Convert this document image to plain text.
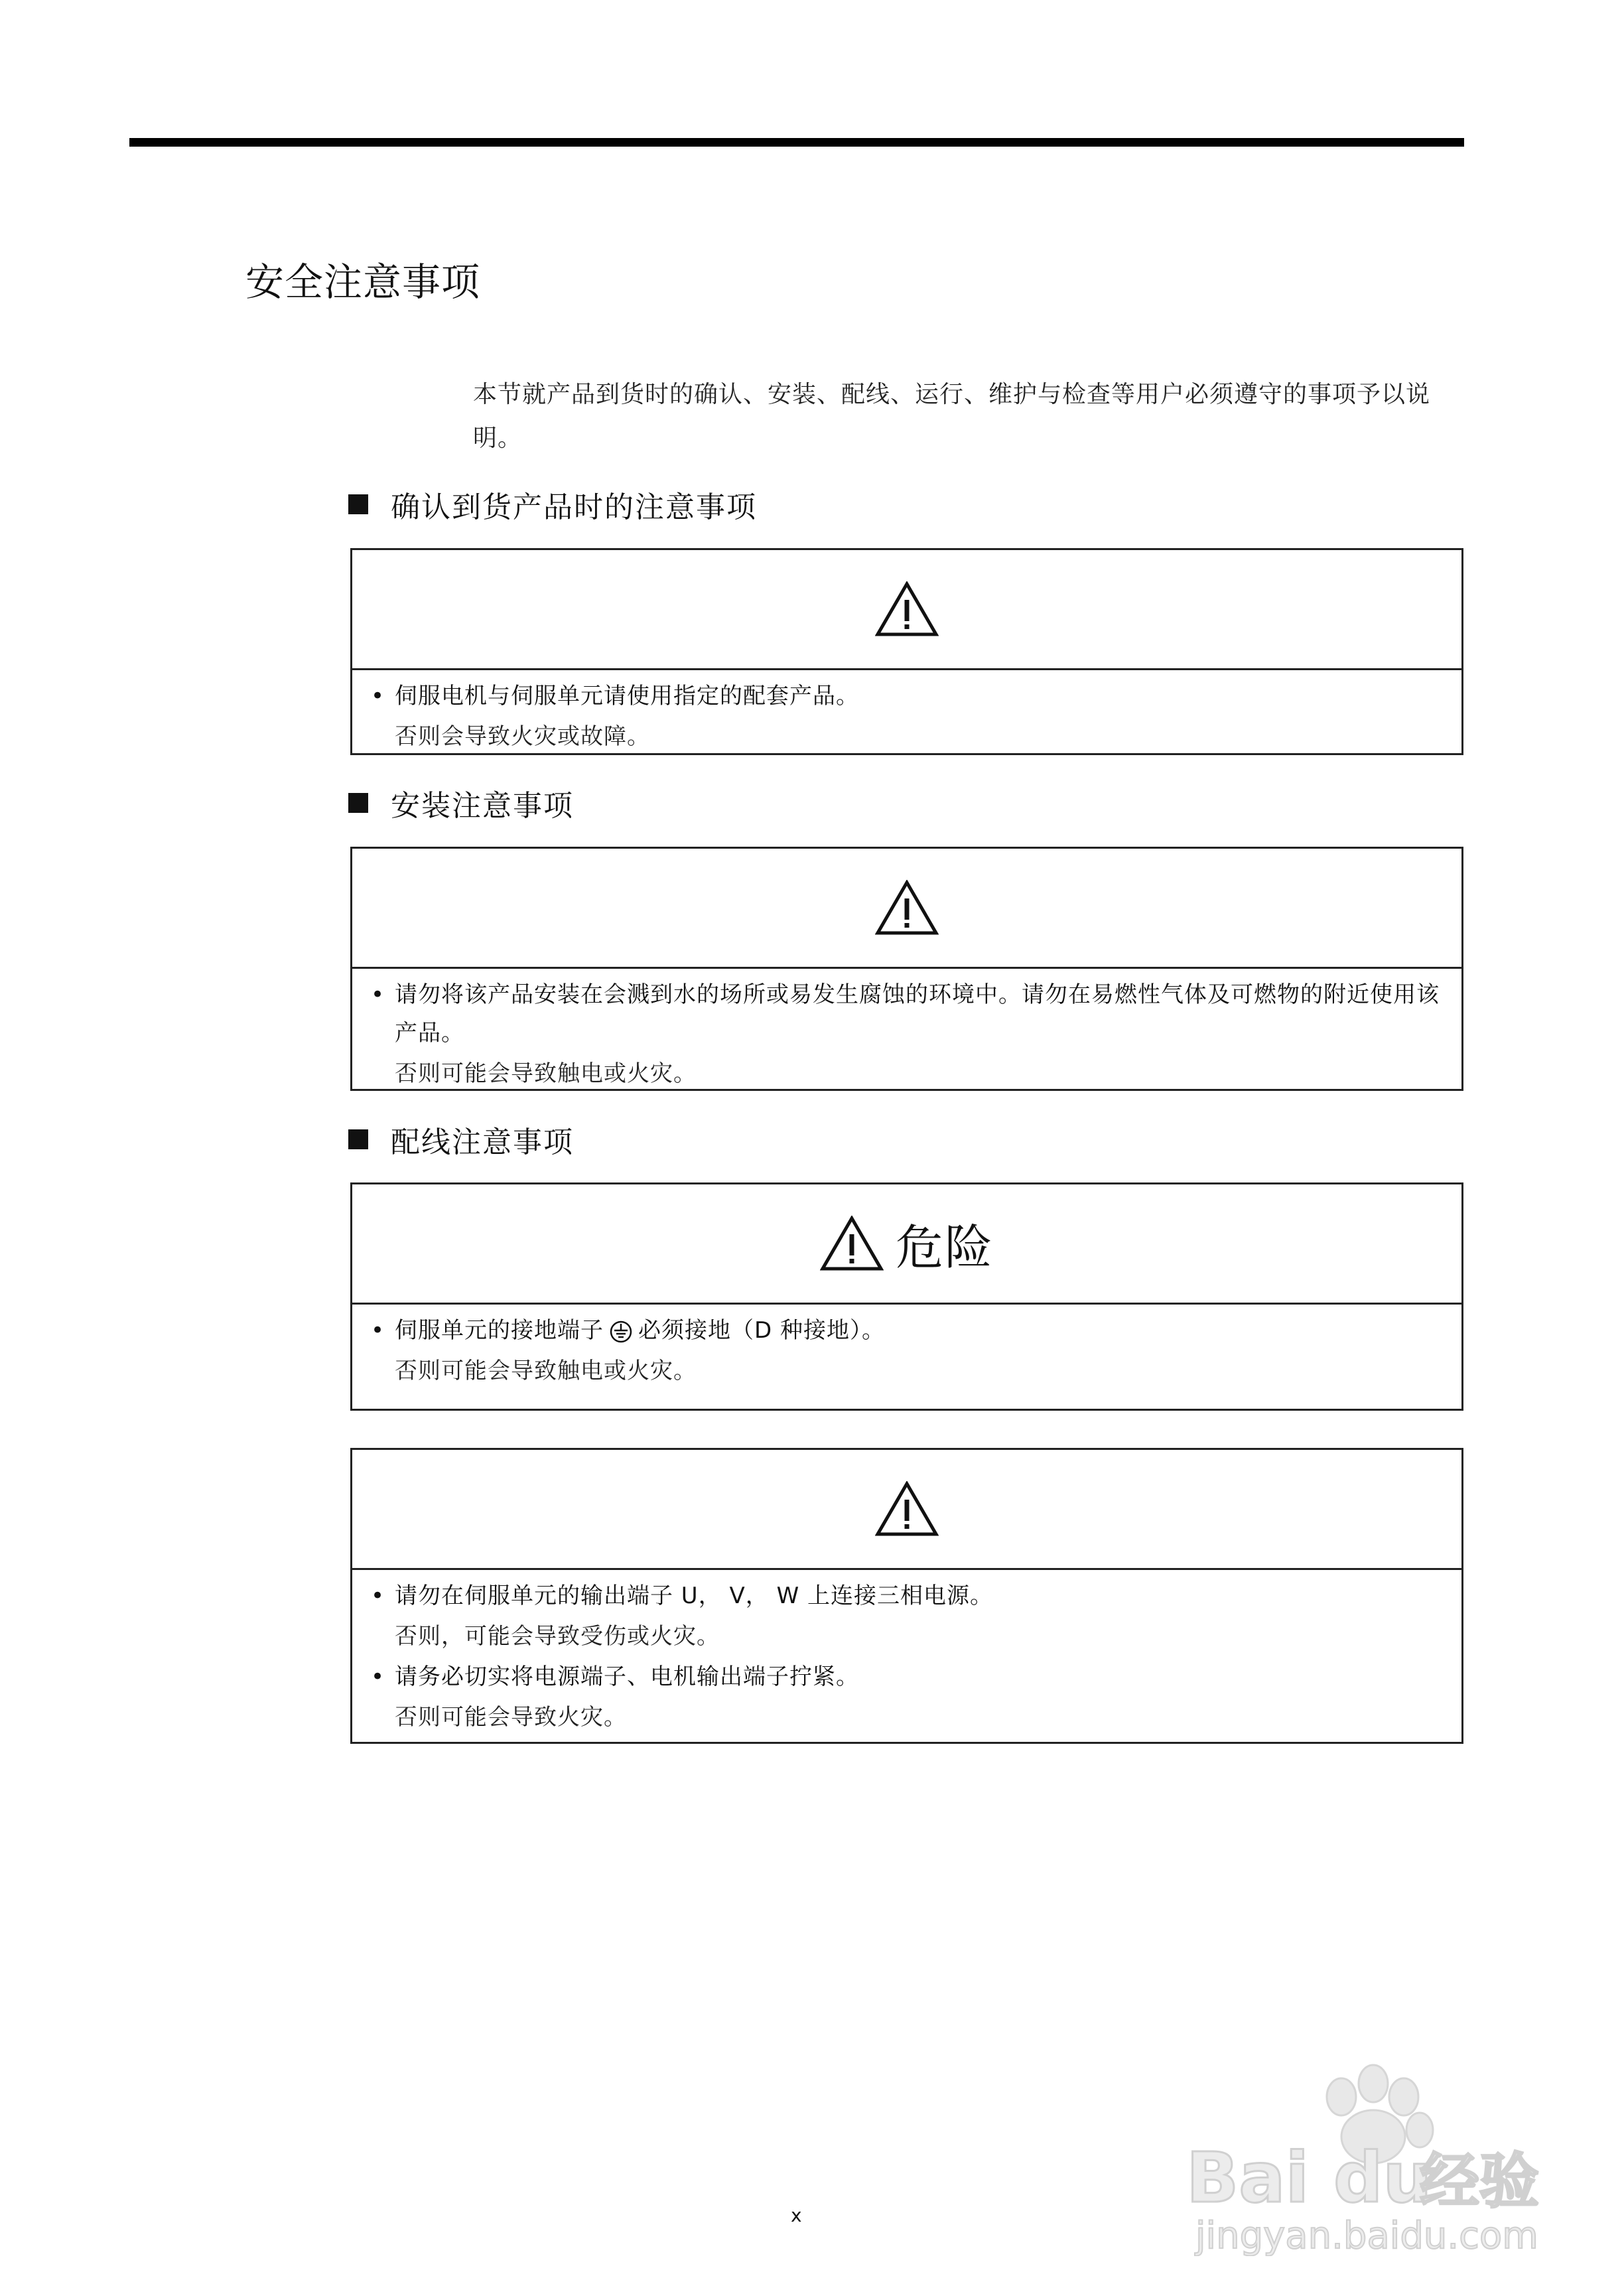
安全注意事项
本节就产品到货时的确认、安装、配线、运行、维护与检查等用户必须遵守的事项予以说明。
确认到货产品时的注意事项
• 伺服电机与伺服单元请使用指定的配套产品。
否则会导致火灾或故障。
安装注意事项
• 请勿将该产品安装在会溅到水的场所或易发生腐蚀的环境中。请勿在易燃性气体及可燃物的附近使用该产品。
否则可能会导致触电或火灾。
配线注意事项
危险
• 伺服单元的接地端子 必须接地（D 种接地）。
否则可能会导致触电或火灾。
• 请勿在伺服单元的输出端子 U， V， W 上连接三相电源。
否则，可能会导致受伤或火灾。
• 请务必切实将电源端子、电机输出端子拧紧。
否则可能会导致火灾。
x	Bai du
经验
jingyan.baidu.com
